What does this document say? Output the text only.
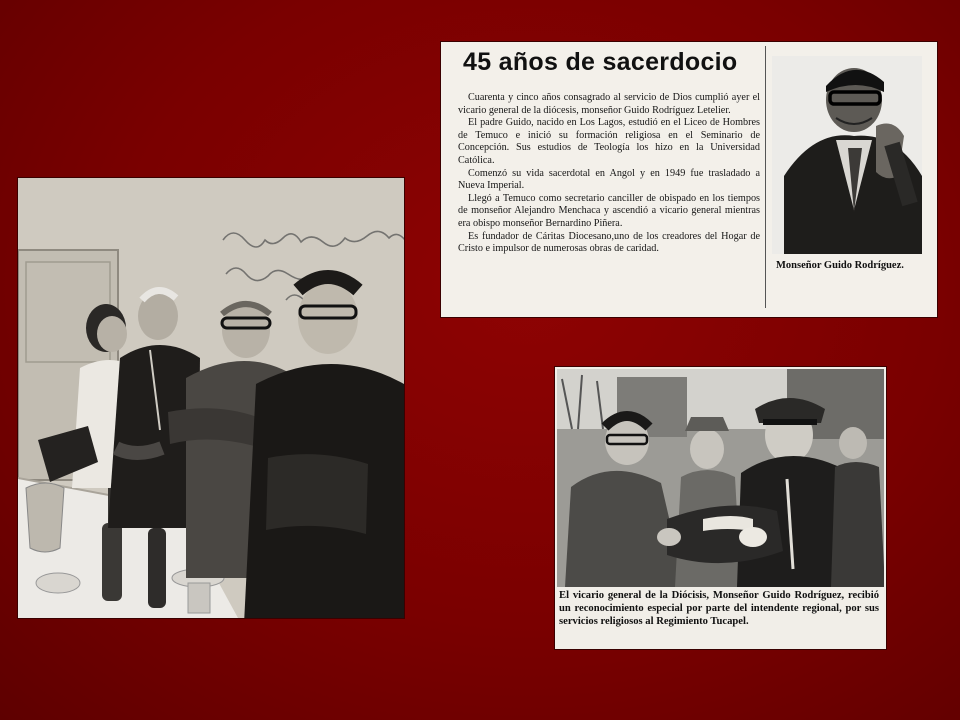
45 años de sacerdocio

Cuarenta y cinco años consagrado al servicio de Dios cumplió ayer el vicario general de la diócesis, monseñor Guido Rodríguez Letelier.

El padre Guido, nacido en Los Lagos, estudió en el Liceo de Hombres de Temuco e inició su formación religiosa en el Seminario de Concepción. Sus estudios de Teología los hizo en la Universidad Católica.

Comenzó su vida sacerdotal en Angol y en 1949 fue trasladado a Nueva Imperial.

Llegó a Temuco como secretario canciller de obispado en los tiempos de monseñor Alejandro Menchaca y ascendió a vicario general mientras era obispo monseñor Bernardino Piñera.

Es fundador de Cáritas Diocesano,uno de los creadores del Hogar de Cristo e impulsor de numerosas obras de caridad.

Monseñor Guido Rodríguez.
El vicario general de la Diócisis, Monseñor Guido Rodríguez, recibió un reconocimiento especial por parte del intendente regional, por sus servicios religiosos al Regimiento Tucapel.
